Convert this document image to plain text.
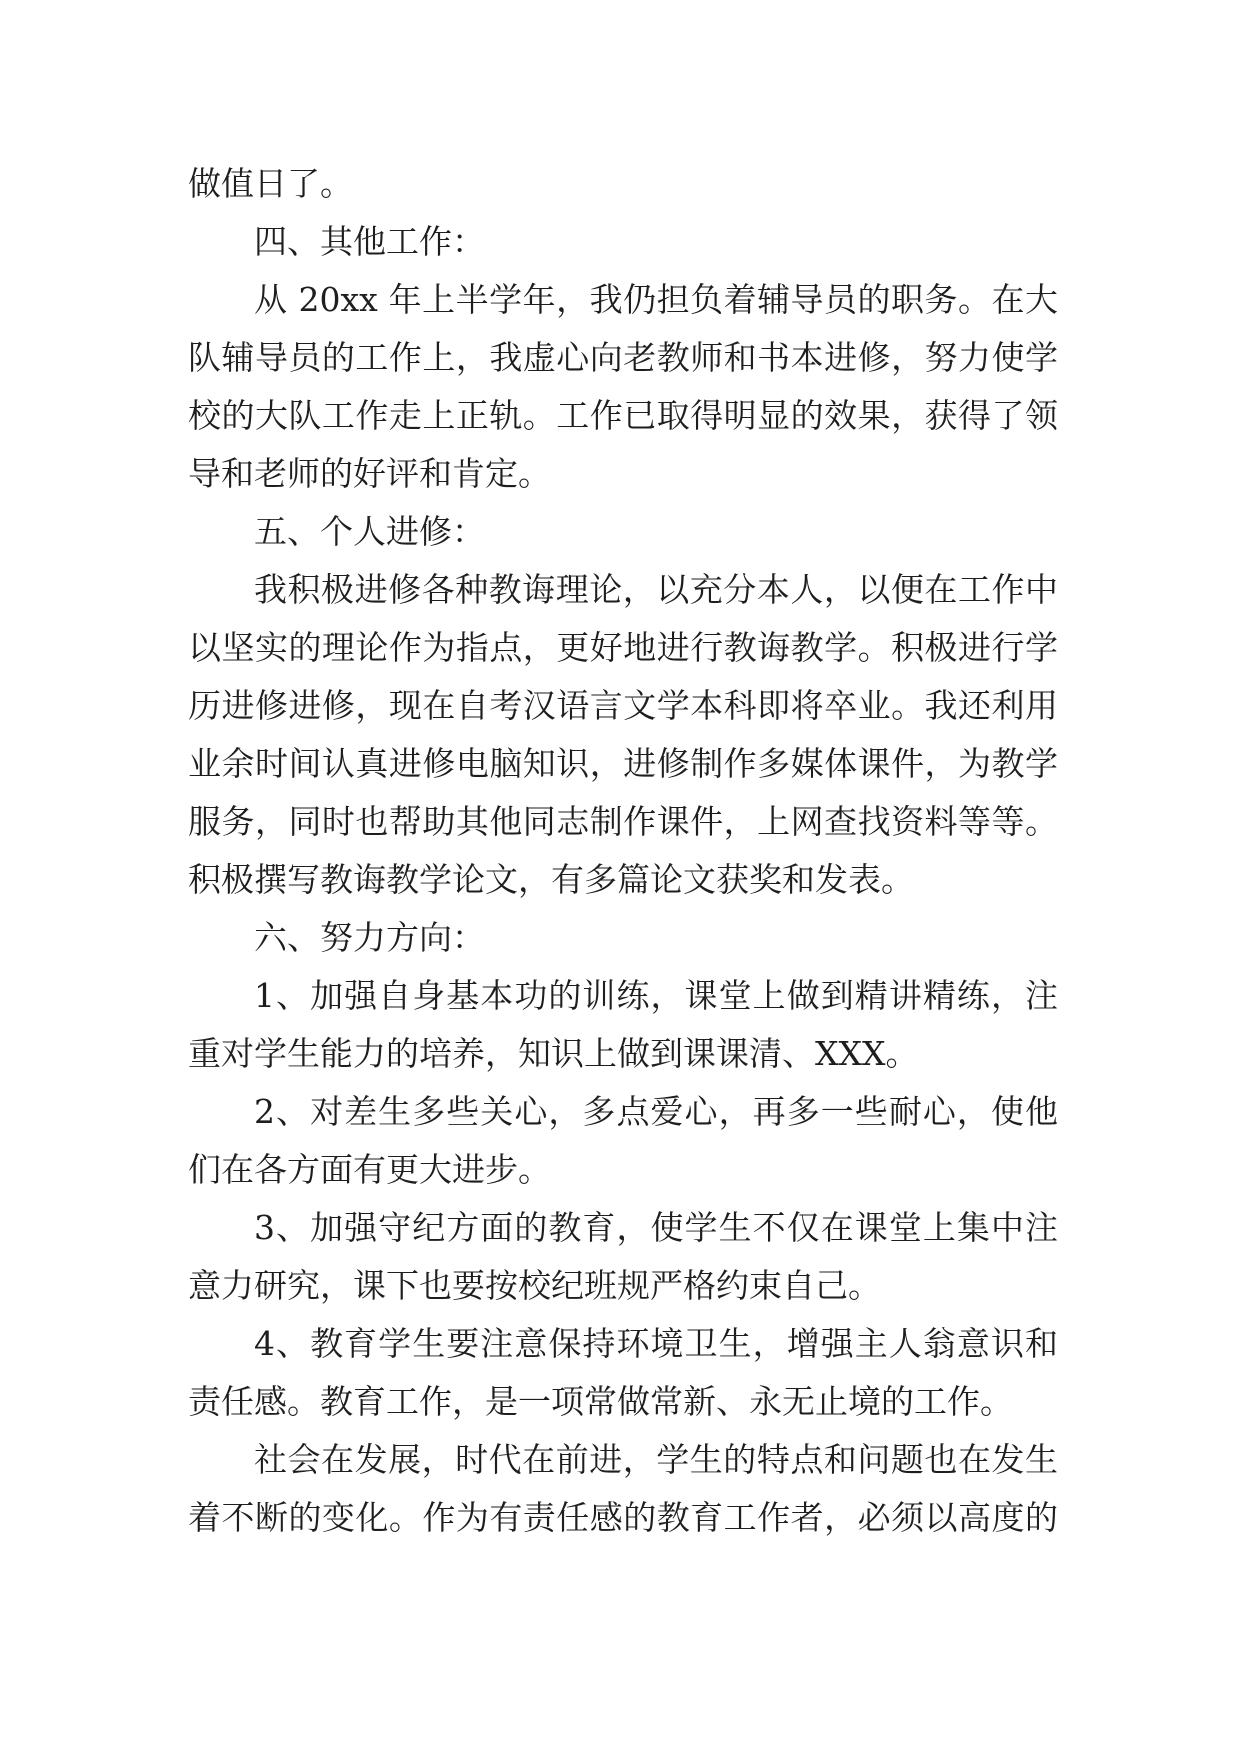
做值日了。
四、其他工作：
从 20xx 年上半学年，我仍担负着辅导员的职务。在大
队辅导员的工作上，我虚心向老教师和书本进修，努力使学
校的大队工作走上正轨。工作已取得明显的效果，获得了领
导和老师的好评和肯定。
五、个人进修：
我积极进修各种教诲理论，以充分本人，以便在工作中
以坚实的理论作为指点，更好地进行教诲教学。积极进行学
历进修进修，现在自考汉语言文学本科即将卒业。我还利用
业余时间认真进修电脑知识，进修制作多媒体课件，为教学
服务，同时也帮助其他同志制作课件，上网查找资料等等。
积极撰写教诲教学论文，有多篇论文获奖和发表。
六、努力方向：
1、加强自身基本功的训练，课堂上做到精讲精练，注
重对学生能力的培养，知识上做到课课清、XXX。
2、对差生多些关心，多点爱心，再多一些耐心，使他
们在各方面有更大进步。
3、加强守纪方面的教育，使学生不仅在课堂上集中注
意力研究，课下也要按校纪班规严格约束自己。
4、教育学生要注意保持环境卫生，增强主人翁意识和
责任感。教育工作，是一项常做常新、永无止境的工作。
社会在发展，时代在前进，学生的特点和问题也在发生
着不断的变化。作为有责任感的教育工作者，必须以高度的
